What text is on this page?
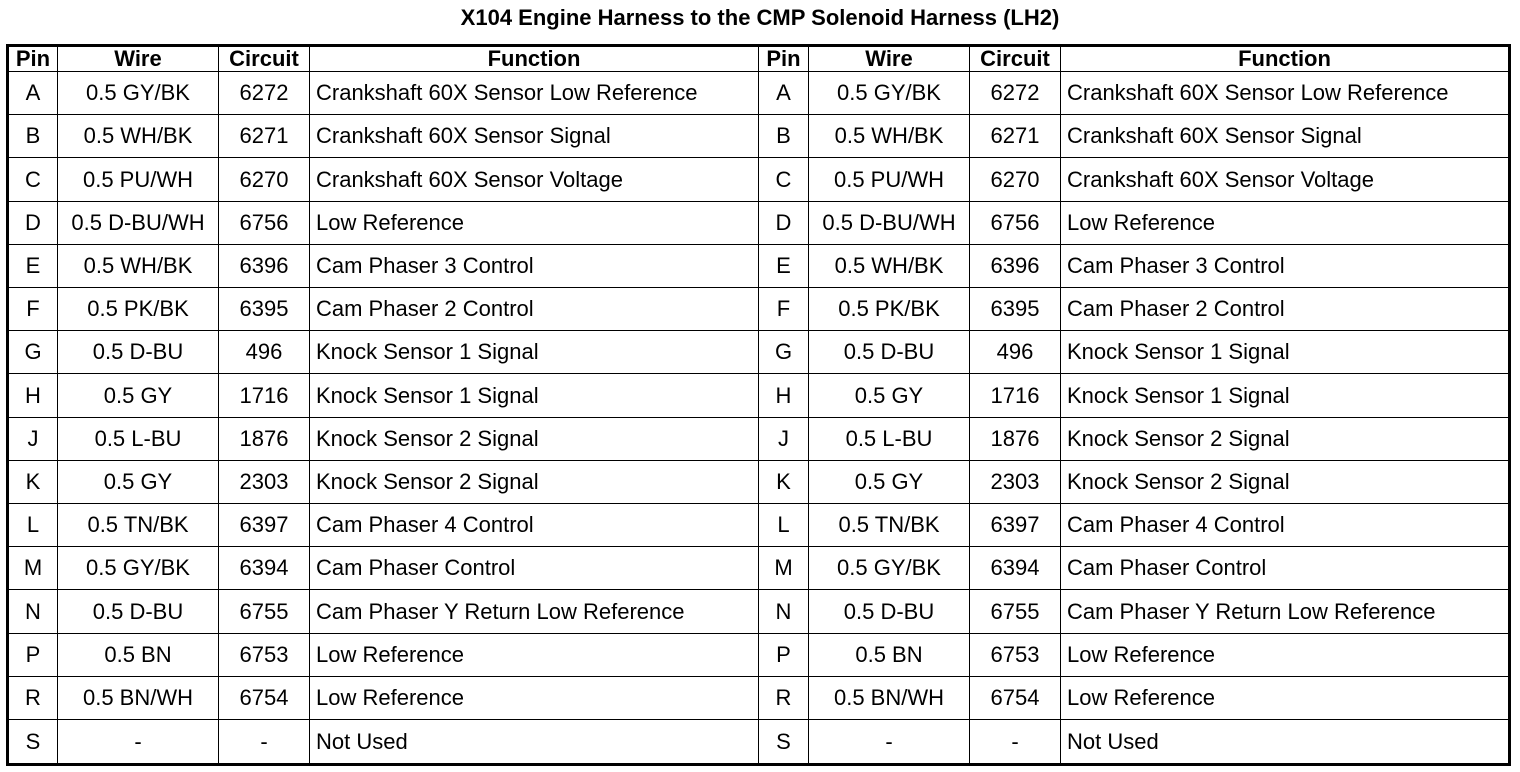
X104 Engine Harness to the CMP Solenoid Harness (LH2)
Pin	Wire	Circuit	Function	Pin	Wire	Circuit	Function
A	0.5 GY/BK	6272	Crankshaft 60X Sensor Low Reference	A	0.5 GY/BK	6272	Crankshaft 60X Sensor Low Reference
B	0.5 WH/BK	6271	Crankshaft 60X Sensor Signal	B	0.5 WH/BK	6271	Crankshaft 60X Sensor Signal
C	0.5 PU/WH	6270	Crankshaft 60X Sensor Voltage	C	0.5 PU/WH	6270	Crankshaft 60X Sensor Voltage
D	0.5 D-BU/WH	6756	Low Reference	D	0.5 D-BU/WH	6756	Low Reference
E	0.5 WH/BK	6396	Cam Phaser 3 Control	E	0.5 WH/BK	6396	Cam Phaser 3 Control
F	0.5 PK/BK	6395	Cam Phaser 2 Control	F	0.5 PK/BK	6395	Cam Phaser 2 Control
G	0.5 D-BU	496	Knock Sensor 1 Signal	G	0.5 D-BU	496	Knock Sensor 1 Signal
H	0.5 GY	1716	Knock Sensor 1 Signal	H	0.5 GY	1716	Knock Sensor 1 Signal
J	0.5 L-BU	1876	Knock Sensor 2 Signal	J	0.5 L-BU	1876	Knock Sensor 2 Signal
K	0.5 GY	2303	Knock Sensor 2 Signal	K	0.5 GY	2303	Knock Sensor 2 Signal
L	0.5 TN/BK	6397	Cam Phaser 4 Control	L	0.5 TN/BK	6397	Cam Phaser 4 Control
M	0.5 GY/BK	6394	Cam Phaser Control	M	0.5 GY/BK	6394	Cam Phaser Control
N	0.5 D-BU	6755	Cam Phaser Y Return Low Reference	N	0.5 D-BU	6755	Cam Phaser Y Return Low Reference
P	0.5 BN	6753	Low Reference	P	0.5 BN	6753	Low Reference
R	0.5 BN/WH	6754	Low Reference	R	0.5 BN/WH	6754	Low Reference
S	-	-	Not Used	S	-	-	Not Used
